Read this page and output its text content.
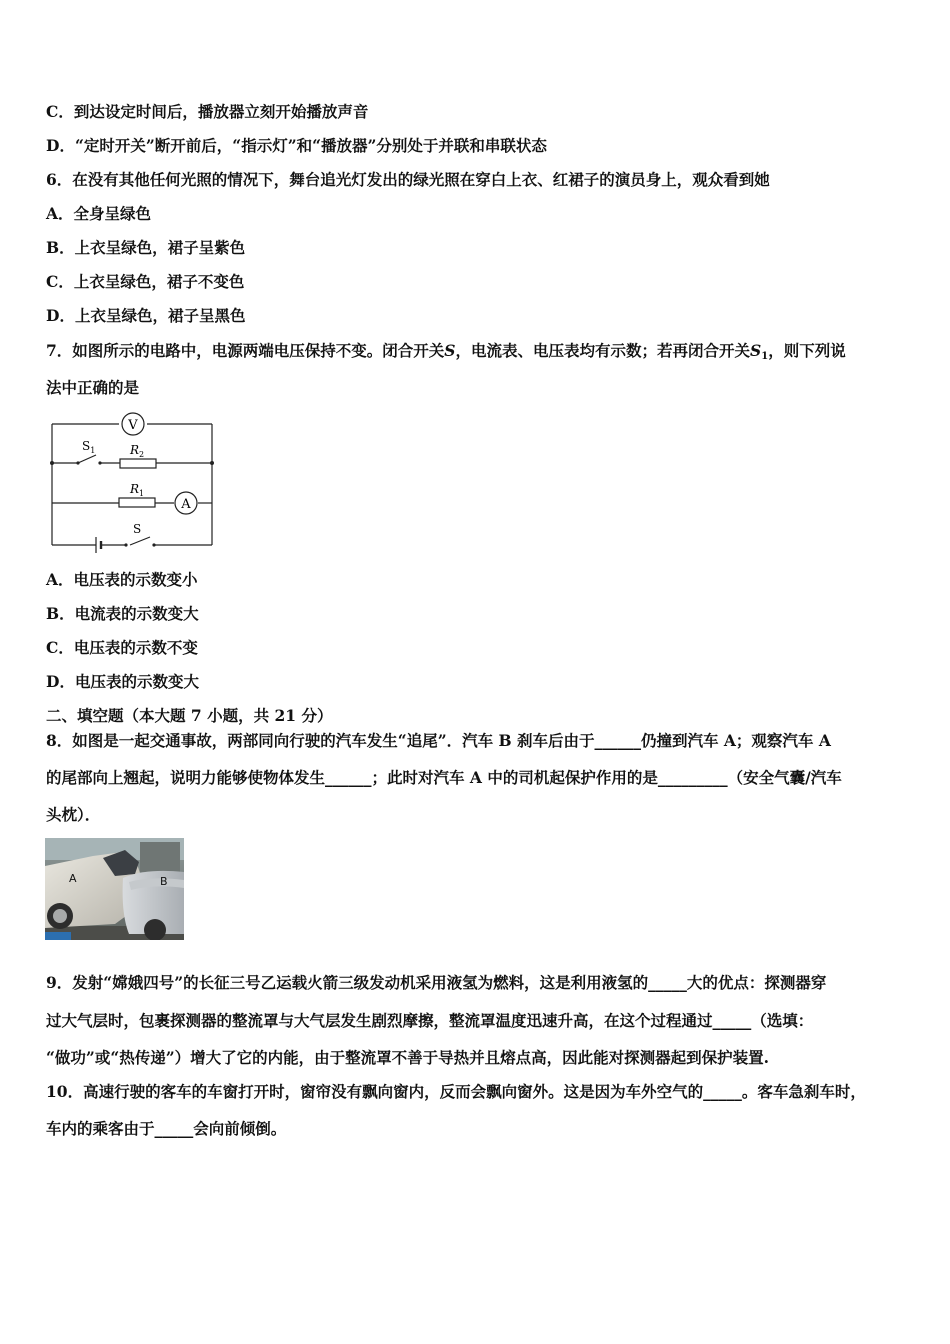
C．到达设定时间后，播放器立刻开始播放声音
D．“定时开关”断开前后，“指示灯”和“播放器”分别处于并联和串联状态
6．在没有其他任何光照的情况下，舞台追光灯发出的绿光照在穿白上衣、红裙子的演员身上，观众看到她
A．全身呈绿色
B．上衣呈绿色，裙子呈紫色
C．上衣呈绿色，裙子不变色
D．上衣呈绿色，裙子呈黑色
7．如图所示的电路中，电源两端电压保持不变。闭合开关S，电流表、电压表均有示数；若再闭合开关$S_1$，则下列说
法中正确的是
V
A
$S_1$	$R_2$
$R_1$
S
A．电压表的示数变小
B．电流表的示数变大
C．电压表的示数不变
D．电压表的示数变大
二、填空题（本大题 7 小题，共 21 分）
8．如图是一起交通事故，两部同向行驶的汽车发生“追尾”．汽车 B 刹车后由于______仍撞到汽车 A；观察汽车 A
的尾部向上翘起，说明力能够使物体发生______；此时对汽车 A 中的司机起保护作用的是_________（安全气囊/汽车
头枕）．
A	B
9．发射“嫦娥四号”的长征三号乙运载火箭三级发动机采用液氢为燃料，这是利用液氢的_____大的优点：探测器穿
过大气层时，包裹探测器的整流罩与大气层发生剧烈摩擦，整流罩温度迅速升高，在这个过程通过_____（选填：
“做功”或“热传递”）增大了它的内能，由于整流罩不善于导热并且熔点高，因此能对探测器起到保护装置.
10．高速行驶的客车的车窗打开时，窗帘没有飘向窗内，反而会飘向窗外。这是因为车外空气的_____。客车急刹车时，
车内的乘客由于_____会向前倾倒。
